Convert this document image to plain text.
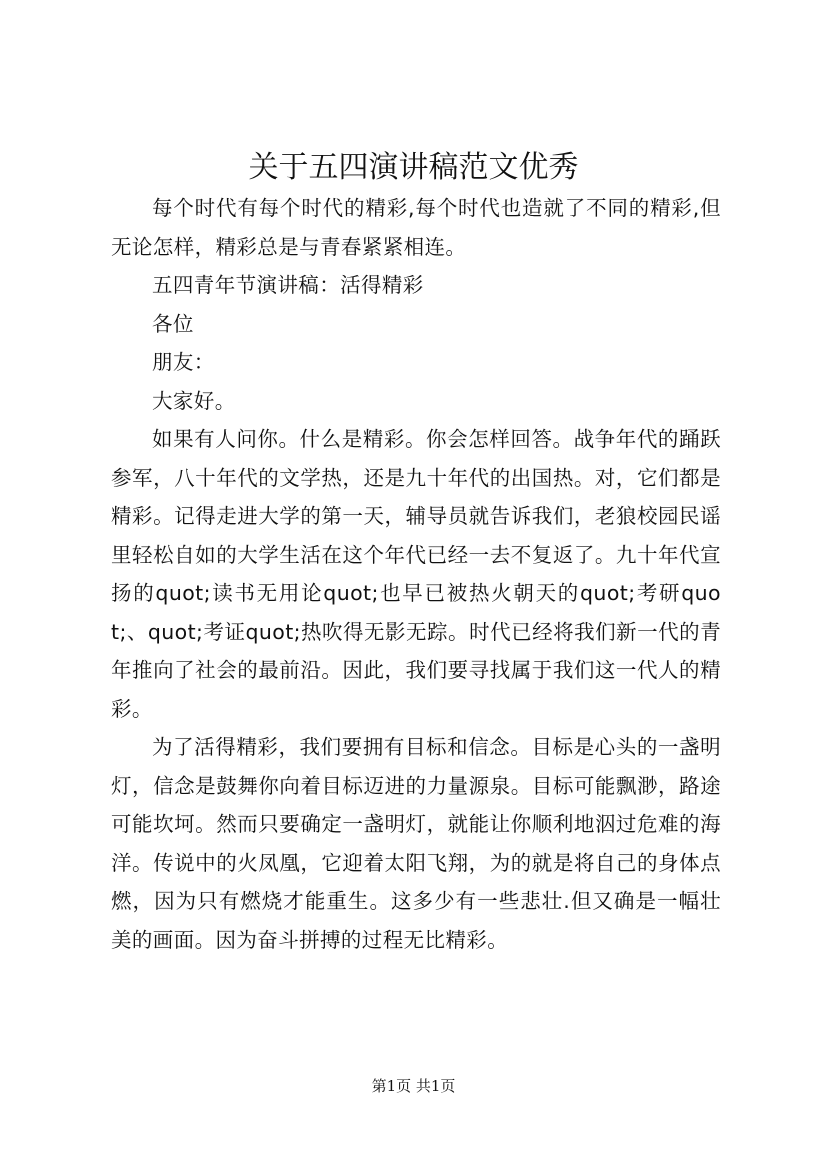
关于五四演讲稿范文优秀

每个时代有每个时代的精彩,每个时代也造就了不同的精彩,但无论怎样，精彩总是与青春紧紧相连。

五四青年节演讲稿：活得精彩

各位

朋友：

大家好。

如果有人问你。什么是精彩。你会怎样回答。战争年代的踊跃参军，八十年代的文学热，还是九十年代的出国热。对，它们都是精彩。记得走进大学的第一天，辅导员就告诉我们，老狼校园民谣里轻松自如的大学生活在这个年代已经一去不复返了。九十年代宣扬的quot;读书无用论quot;也早已被热火朝天的quot;考研quot;、quot;考证quot;热吹得无影无踪。时代已经将我们新一代的青年推向了社会的最前沿。因此，我们要寻找属于我们这一代人的精彩。

为了活得精彩，我们要拥有目标和信念。目标是心头的一盏明灯，信念是鼓舞你向着目标迈进的力量源泉。目标可能飘渺，路途可能坎坷。然而只要确定一盏明灯，就能让你顺利地泅过危难的海洋。传说中的火凤凰，它迎着太阳飞翔，为的就是将自己的身体点燃，因为只有燃烧才能重生。这多少有一些悲壮.但又确是一幅壮美的画面。因为奋斗拼搏的过程无比精彩。

第1页 共1页
